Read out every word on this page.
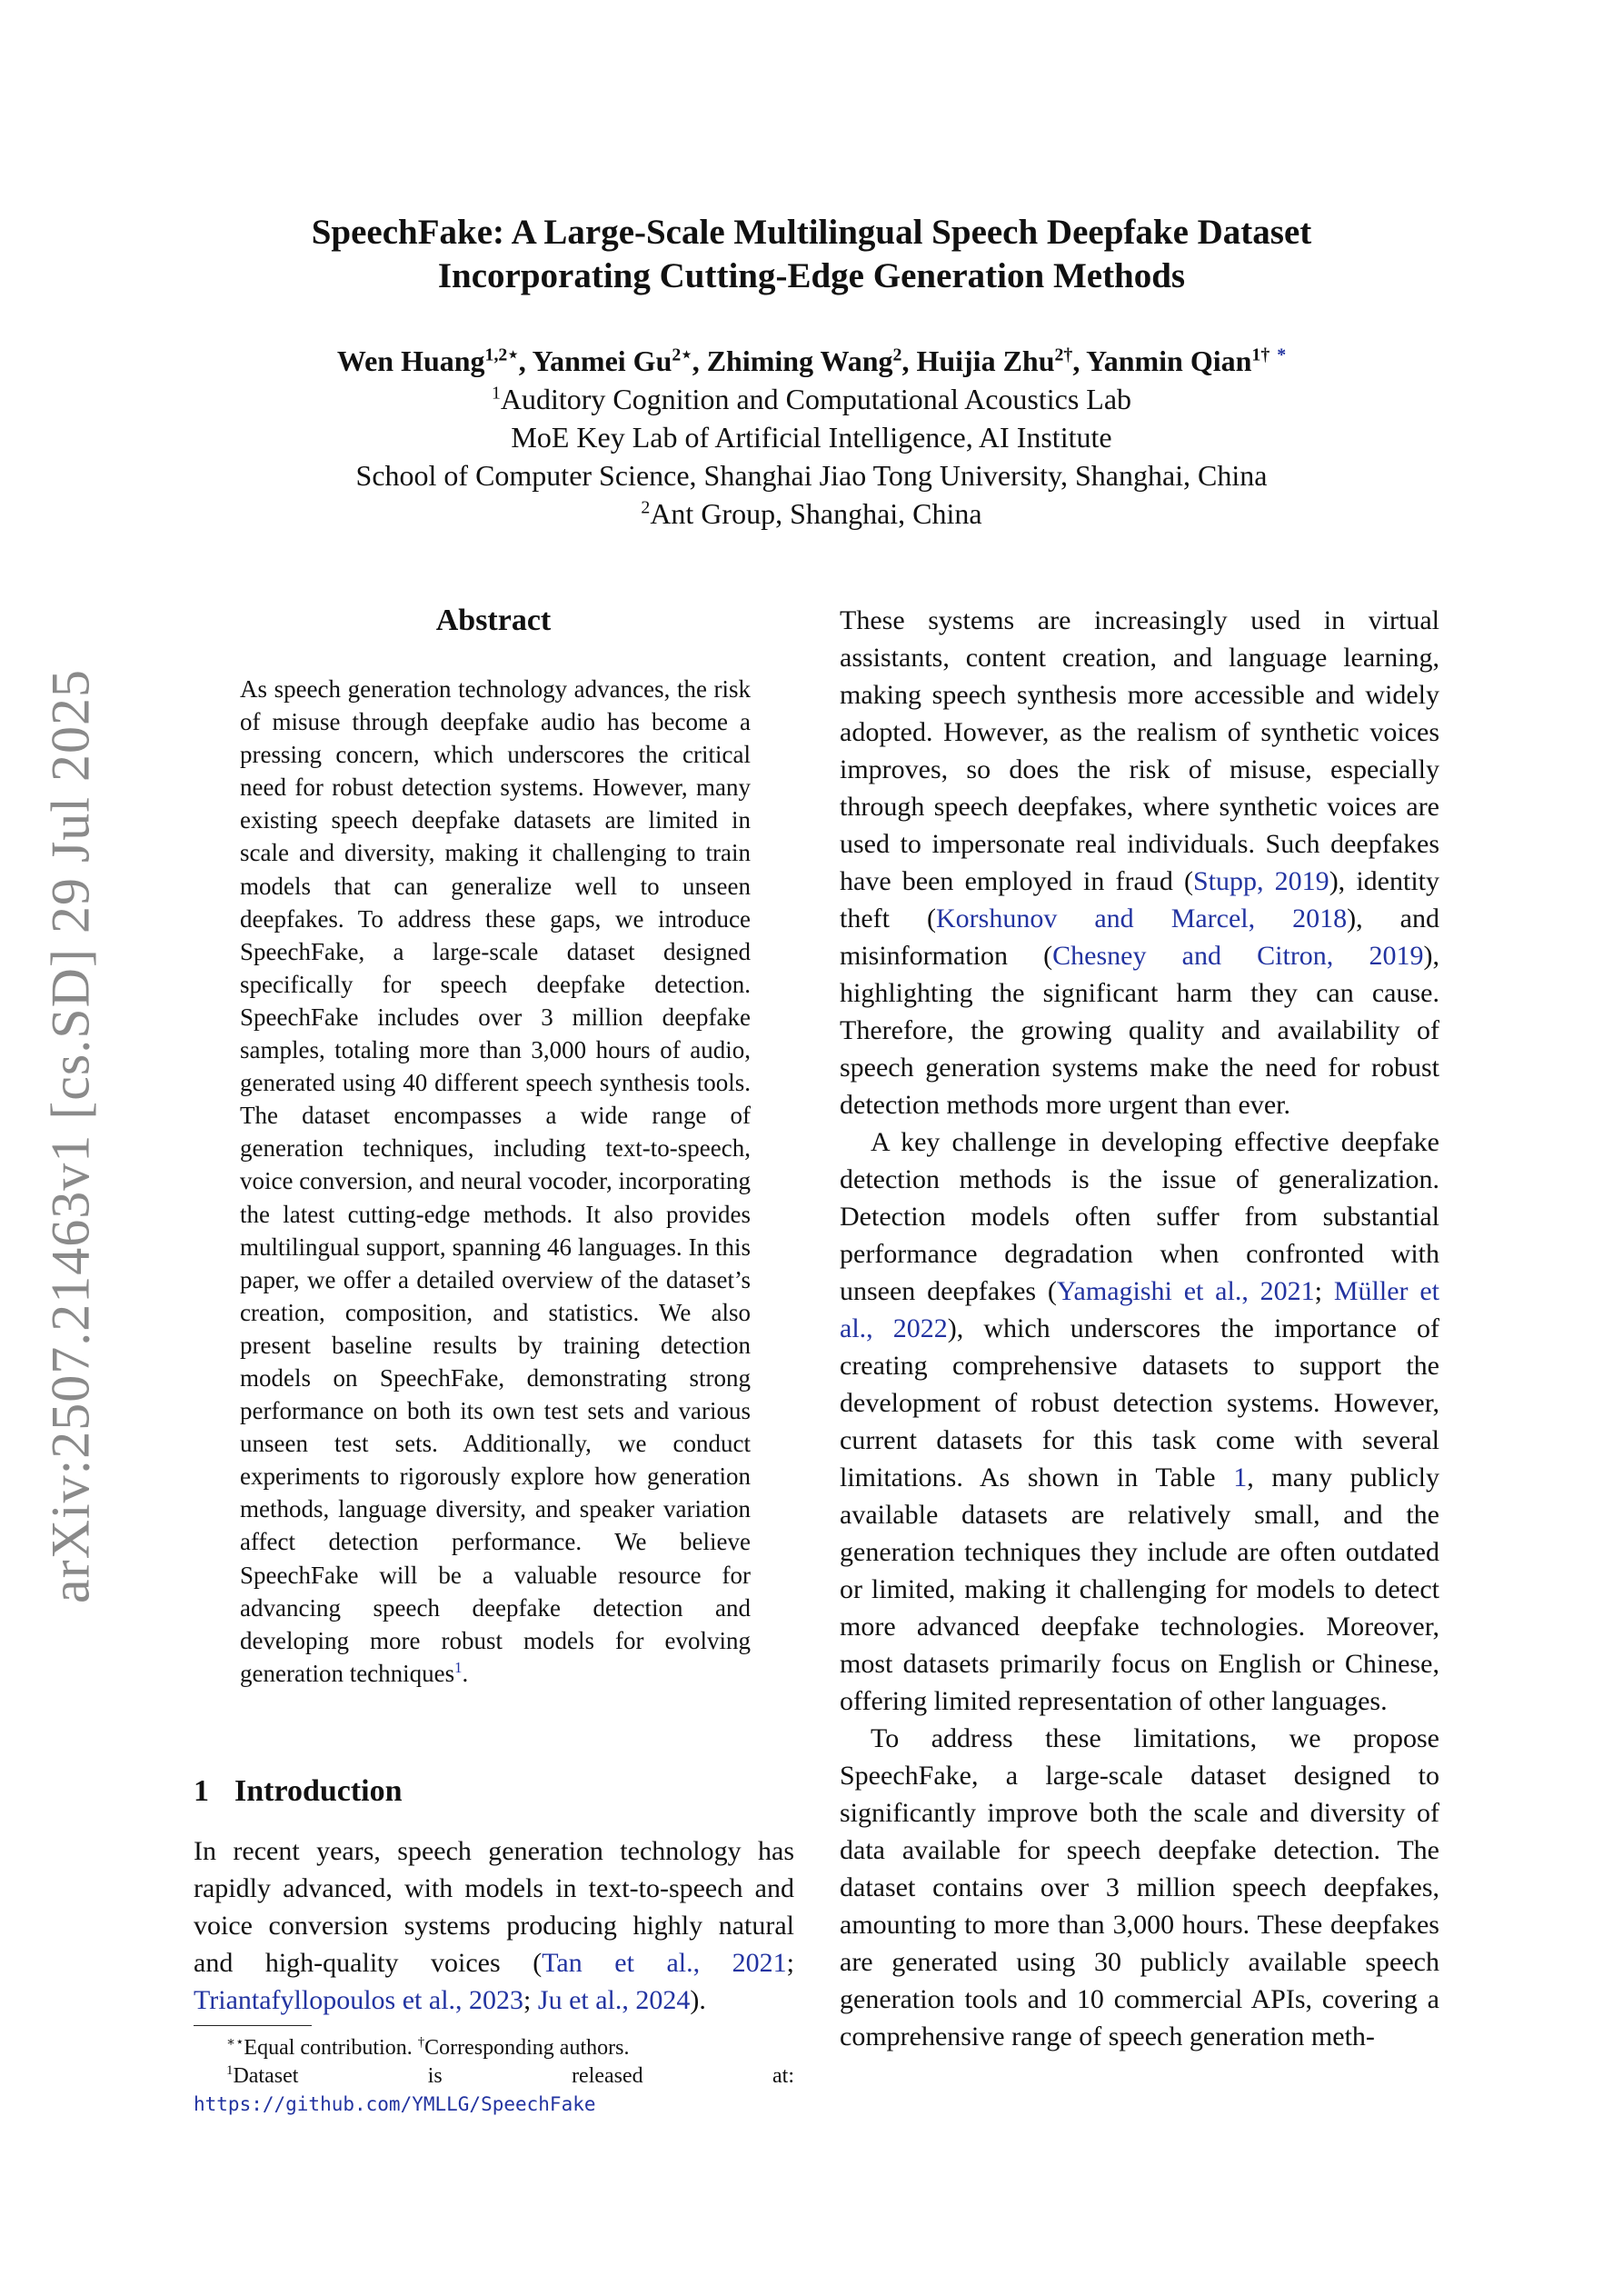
arXiv:2507.21463v1 [cs.SD] 29 Jul 2025
SpeechFake: A Large-Scale Multilingual Speech Deepfake Dataset
Incorporating Cutting-Edge Generation Methods
Wen Huang$^{1,2⋆}$, Yanmei $Gu^{2⋆}$, Zhiming Wang$^2$, Huijia Zhu$^{2\dagger}$, Yanmin Qian$^{1\dagger}$ *
$^1$Auditory Cognition and Computational Acoustics Lab
MoE Key Lab of Artificial Intelligence, AI Institute
School of Computer Science, Shanghai Jiao Tong University, Shanghai, China
$^2$Ant Group, Shanghai, China
Abstract
As speech generation technology advances, the risk of misuse through deepfake audio has become a pressing concern, which underscores the critical need for robust detection systems. However, many existing speech deepfake datasets are limited in scale and diversity, making it challenging to train models that can generalize well to unseen deepfakes. To address these gaps, we introduce SpeechFake, a large-scale dataset designed specifically for speech deepfake detection. SpeechFake includes over 3 million deepfake samples, totaling more than 3,000 hours of audio, generated using 40 different speech synthesis tools. The dataset encompasses a wide range of generation techniques, including text-to-speech, voice conversion, and neural vocoder, incorporating the latest cutting-edge methods. It also provides multilingual support, spanning 46 languages. In this paper, we offer a detailed overview of the dataset’s creation, composition, and statistics. We also present baseline results by training detection models on SpeechFake, demonstrating strong performance on both its own test sets and various unseen test sets. Additionally, we conduct experiments to rigorously explore how generation methods, language diversity, and speaker variation affect detection performance. We believe SpeechFake will be a valuable resource for advancing speech deepfake detection and developing more robust models for evolving generation techniques$^1$.
1 Introduction
In recent years, speech generation technology has rapidly advanced, with models in text-to-speech and voice conversion systems producing highly natural and high-quality voices (Tan et al., 2021; Triantafyllopoulos et al., 2023; Ju et al., 2024).
∗⋆Equal contribution. †Corresponding authors.
$^1$Dataset is released at: https://github.com/YMLLG/SpeechFake

These systems are increasingly used in virtual assistants, content creation, and language learning, making speech synthesis more accessible and widely adopted. However, as the realism of synthetic voices improves, so does the risk of misuse, especially through speech deepfakes, where synthetic voices are used to impersonate real individuals. Such deepfakes have been employed in fraud (Stupp, 2019), identity theft (Korshunov and Marcel, 2018), and misinformation (Chesney and Citron, 2019), highlighting the significant harm they can cause. Therefore, the growing quality and availability of speech generation systems make the need for robust detection methods more urgent than ever.

A key challenge in developing effective deepfake detection methods is the issue of generalization. Detection models often suffer from substantial performance degradation when confronted with unseen deepfakes (Yamagishi et al., 2021; Müller et al., 2022), which underscores the importance of creating comprehensive datasets to support the development of robust detection systems. However, current datasets for this task come with several limitations. As shown in Table 1, many publicly available datasets are relatively small, and the generation techniques they include are often outdated or limited, making it challenging for models to detect more advanced deepfake technologies. Moreover, most datasets primarily focus on English or Chinese, offering limited representation of other languages.

To address these limitations, we propose SpeechFake, a large-scale dataset designed to significantly improve both the scale and diversity of data available for speech deepfake detection. The dataset contains over 3 million speech deepfakes, amounting to more than 3,000 hours. These deepfakes are generated using 30 publicly available speech generation tools and 10 commercial APIs, covering a comprehensive range of speech generation meth-
